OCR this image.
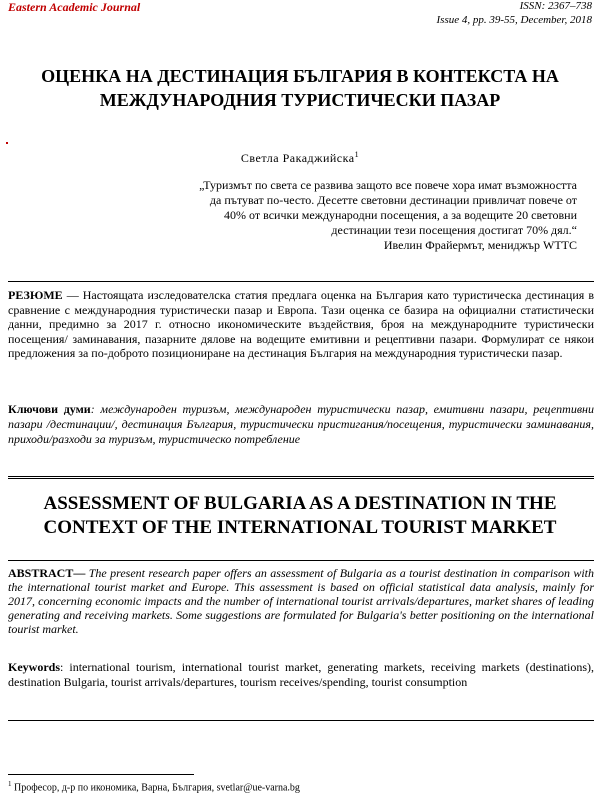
Eastern Academic Journal	ISSN: 2367–738
Issue 4, pp. 39-55, December, 2018
ОЦЕНКА НА ДЕСТИНАЦИЯ БЪЛГАРИЯ В КОНТЕКСТА НА МЕЖДУНАРОДНИЯ ТУРИСТИЧЕСКИ ПАЗАР
Светла Ракаджийска$^1$
„Туризмът по света се развива защото все повече хора имат възможността да пътуват по-често. Десетте световни дестинации привличат повече от 40% от всички международни посещения, а за водещите 20 световни дестинации тези посещения достигат 70% дял.“
Ивелин Фрайермът, мениджър WTTC
РЕЗЮМЕ — Настоящата изследователска статия предлага оценка на България като туристическа дестинация в сравнение с международния туристически пазар и Европа. Тази оценка се базира на официални статистически данни, предимно за 2017 г. относно икономическите въздействия, броя на международните туристически посещения/ заминавания, пазарните дялове на водещите емитивни и рецептивни пазари. Формулират се някои предложения за по-доброто позициониране на дестинация България на международния туристически пазар.
Ключови думи: международен туризъм, международен туристически пазар, емитивни пазари, рецептивни пазари /дестинации/, дестинация България, туристически пристигания/посещения, туристически заминавания, приходи/разходи за туризъм, туристическо потребление
ASSESSMENT OF BULGARIA AS A DESTINATION IN THE CONTEXT OF THE INTERNATIONAL TOURIST MARKET
ABSTRACT— The present research paper offers an assessment of Bulgaria as a tourist destination in comparison with the international tourist market and Europe. This assessment is based on official statistical data analysis, mainly for 2017, concerning economic impacts and the number of international tourist arrivals/departures, market shares of leading generating and receiving markets. Some suggestions are formulated for Bulgaria's better positioning on the international tourist market.
Keywords: international tourism, international tourist market, generating markets, receiving markets (destinations), destination Bulgaria, tourist arrivals/departures, tourism receives/spending, tourist consumption
$^1$ Професор, д-р по икономика, Варна, България, svetlar@ue-varna.bg
